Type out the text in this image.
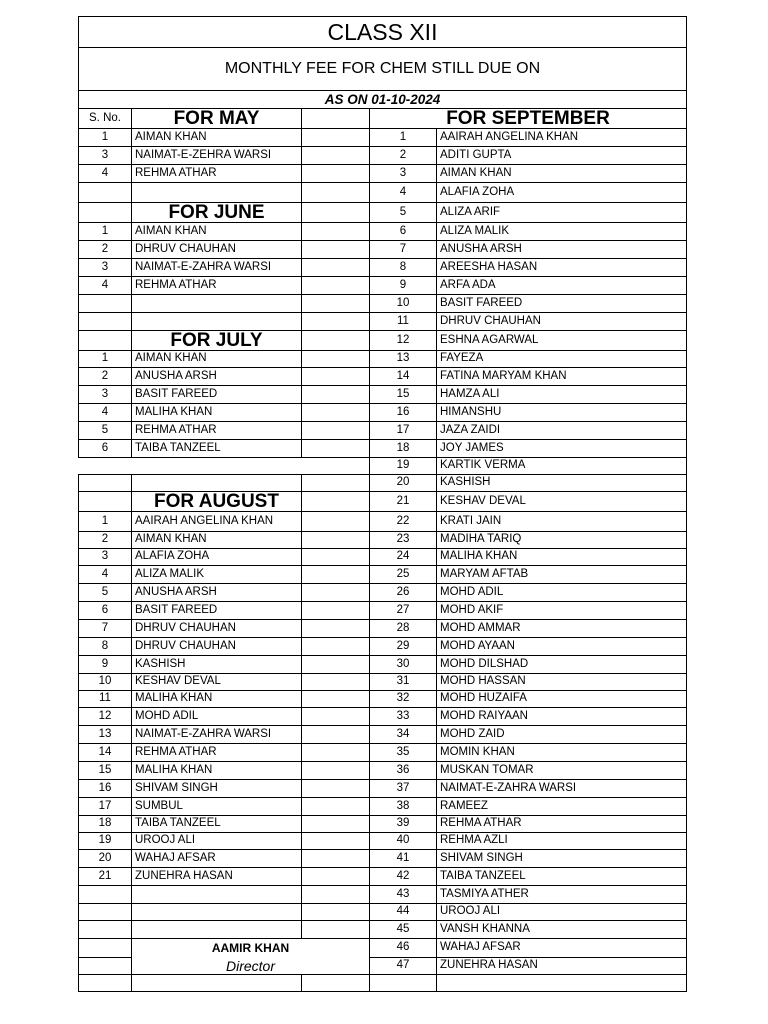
CLASS XII				
MONTHLY FEE FOR CHEM STILL DUE ON				
AS ON 01-10-2024				
S. No.	FOR MAY		FOR SEPTEMBER	
1	AIMAN KHAN		1	AAIRAH ANGELINA KHAN
3	NAIMAT-E-ZEHRA WARSI		2	ADITI GUPTA
4	REHMA ATHAR		3	AIMAN KHAN
			4	ALAFIA ZOHA
	FOR JUNE		5	ALIZA ARIF
1	AIMAN KHAN		6	ALIZA MALIK
2	DHRUV CHAUHAN		7	ANUSHA ARSH
3	NAIMAT-E-ZAHRA WARSI		8	AREESHA HASAN
4	REHMA ATHAR		9	ARFA ADA
			10	BASIT FAREED
			11	DHRUV CHAUHAN
	FOR JULY		12	ESHNA AGARWAL
1	AIMAN KHAN		13	FAYEZA
2	ANUSHA ARSH		14	FATINA MARYAM KHAN
3	BASIT FAREED		15	HAMZA ALI
4	MALIHA KHAN		16	HIMANSHU
5	REHMA ATHAR		17	JAZA ZAIDI
6	TAIBA TANZEEL		18	JOY JAMES
			19	KARTIK VERMA
			20	KASHISH
	FOR AUGUST		21	KESHAV DEVAL
1	AAIRAH ANGELINA KHAN		22	KRATI JAIN
2	AIMAN KHAN		23	MADIHA TARIQ
3	ALAFIA ZOHA		24	MALIHA KHAN
4	ALIZA MALIK		25	MARYAM AFTAB
5	ANUSHA ARSH		26	MOHD ADIL
6	BASIT FAREED		27	MOHD AKIF
7	DHRUV CHAUHAN		28	MOHD AMMAR
8	DHRUV CHAUHAN		29	MOHD AYAAN
9	KASHISH		30	MOHD DILSHAD
10	KESHAV DEVAL		31	MOHD HASSAN
11	MALIHA KHAN		32	MOHD HUZAIFA
12	MOHD ADIL		33	MOHD RAIYAAN
13	NAIMAT-E-ZAHRA WARSI		34	MOHD ZAID
14	REHMA ATHAR		35	MOMIN KHAN
15	MALIHA KHAN		36	MUSKAN TOMAR
16	SHIVAM SINGH		37	NAIMAT-E-ZAHRA WARSI
17	SUMBUL		38	RAMEEZ
18	TAIBA TANZEEL		39	REHMA ATHAR
19	UROOJ ALI		40	REHMA AZLI
20	WAHAJ AFSAR		41	SHIVAM SINGH
21	ZUNEHRA HASAN		42	TAIBA TANZEEL
			43	TASMIYA ATHER
			44	UROOJ ALI
			45	VANSH KHANNA
	AAMIR KHAN		46	WAHAJ AFSAR
	Director		47	ZUNEHRA HASAN
